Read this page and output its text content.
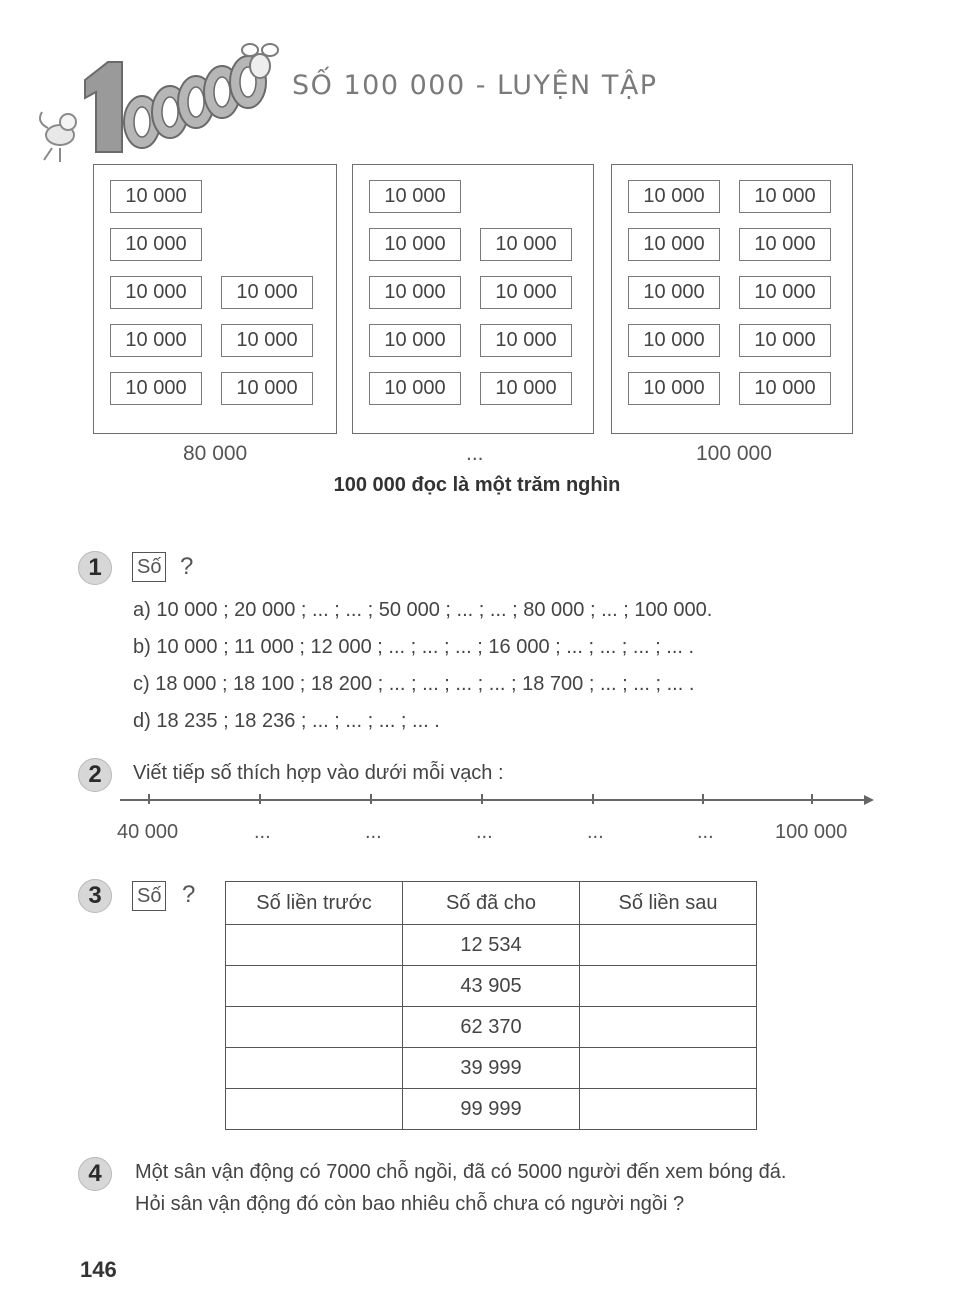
SỐ 100 000 - LUYỆN TẬP
10 000
10 000
10 000	10 000
10 000	10 000
10 000	10 000
10 000
10 000	10 000
10 000	10 000
10 000	10 000
10 000	10 000
10 000	10 000
10 000	10 000
10 000	10 000
10 000	10 000
10 000	10 000
80 000	...	100 000
100 000 đọc là một trăm nghìn
1	Số ?
a) 10 000 ; 20 000 ; ... ; ... ; 50 000 ; ... ; ... ; 80 000 ; ... ; 100 000.
b) 10 000 ; 11 000 ; 12 000 ; ... ; ... ; ... ; 16 000 ; ... ; ... ; ... ; ... .
c) 18 000 ; 18 100 ; 18 200 ; ... ; ... ; ... ; ... ; 18 700 ; ... ; ... ; ... .
d) 18 235 ; 18 236 ; ... ; ... ; ... ; ... .
2	Viết tiếp số thích hợp vào dưới mỗi vạch :
40 000	...	...	...	...	...	100 000
3	Số ?	Số liền trước	Số đã cho	Số liền sau
	12 534	
	43 905	
	62 370	
	39 999	
	99 999	
4	Một sân vận động có 7000 chỗ ngồi, đã có 5000 người đến xem bóng đá.
Hỏi sân vận động đó còn bao nhiêu chỗ chưa có người ngồi ?
146
